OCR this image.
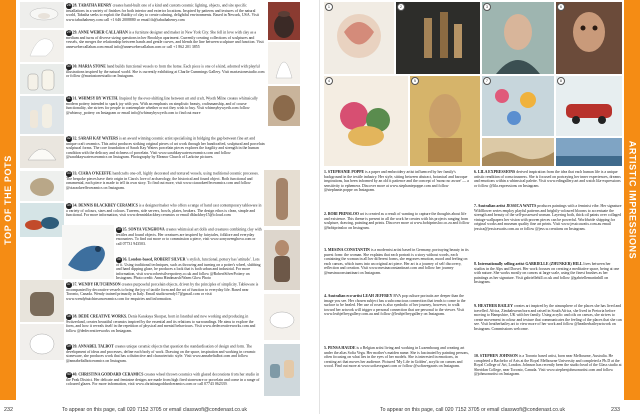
TOP OF THE POTS
28 28. TABATHA HENRY creates hand-built one of a kind and custom ceramic lighting, objects, and site specific installations in a variety of finishes for both interior and exterior locations. Inspired by patterns and textures of the natural world, Tabatha seeks to exploit the fluidity of clay to create calming, delightful environments. Based in Newark, USA. Visit www.tabathahenry.com call +1 646 2008880 or email tb@tabathahenry.com
29 29. ANNE WEBER CALLAHAN is a furniture designer and maker in New York City. She fell in love with clay as a medium and turns of diverse sizing questions in her Brooklyn apartment. Currently creating collections of sculptures and vessels, she merges the relationship between hands and gentle curves, and blends the line between sculpture and function. Visit annewebercallahan.com email info@annewebercallahan.com or call +1 862 201 3855
30 30. MARIA STONE hand builds functional vessels to from the home. Each piece is one of a kind, adorned with playful illustrations inspired by the natural world. She is currently exhibiting at Charlie Cummings Gallery. Visit mariastonestudio.com or follow @mariastonestudio on Instagram.
31 31. WHIMSY BY WYETH. Inspired by the ever-shifting line between art and craft, Wyeth Milne creates whimsically modern pottery intended to spark joy with you. With an emphasis on simplistic beauty, craftsmanship, and of course functionality, she strives for people to contemplate whether or not they wish to buy. Visit whimsybywyeth.com follow @whimsy_pottery on Instagram or email info@whimsybywyeth.com to find out more
32 32. SARAH KAY WATERS is an award winning ceramic artist specialising in bridging the gap between fine art and unique craft ceramics. This artist produces striking original pieces of art work through her handcrafted, sculptural and porcelain sculptural forms. The core foundation of Sarah Kay Waters porcelain pieces explores the fragility and strength in the human condition with the delicacy and richness of porcelain. Visit www.sarahkaywatersceramics.com and follow @sarahkaywatersceramics on Instagram. Photography by Eleanor Church of Larkrise pictures.
33 33. CIARA O'KEEFFE handcrafts one-off, highly decorated and textured vessels, using traditional ceramic processes. The bespoke pieces have their origin in Ciara's love of archaeology, the historical and found object. Both functional and ornamental, each piece is made to tell its own story. To find out more, visit www.ciaraokeeffeceramics.com and follow @ciaraokeeffeceramics on Instagram.
34 34. DENNIS BLACKBEY CERAMICS is a designer/maker who offers a range of hand cast contemporary tableware in a variety of colours, sizes and colours. Tureens, side servers, bowls, plates, beakers. The design ethos is clean, simple and functional. For more information, visit www.dennisblackbey.ceramics or email dblackbey15@icloud.com
35 35. SONYA VENGHOVA creates whimsical art dolls and creatures combining clay with textiles and found objects. Her creatures are inspired by fairytales, folklore and everyday encounters. To find out more or to commission a piece, visit www.sonyavenghova.com or call 07731 943503.
36 36. London-based, ROBERT SILVER 's stylish, functional, pottery has 'attitude'. Lots of it. Using traditional techniques, such as throwing and turning on a potter's wheel, slabbing and hand dipping glaze, he produces a look that is both urban and industrial. For more information, visit www.robertsilverpottery.co.uk and follow @RobertSilverPottery on Instagram. Photo credit: Anna Hindmarsh/Warm Glow Photo
37 37. WENDY HUTCHINSON creates purposeful porcelain objects, driven by the principles of simplicity. Tableware is accompanied by decorative vessels to bring the joy of tactile form and the art of function to everyday life. Based near Toronto, Canada. Wendy trained primarily in Italy. Email studiowendy17@gmail.com or visit www.wendyhutchinsonceramics.com for enquiries and information.
38 38. DÉDÉ CREATIVE WORKS. Denis Karakaya Skorpat, born in Istanbul and now working and producing in Switzerland, creates beautiful ceramics inspired by the essential and its relations to surroundings. He aims to explore the form, and how it reveals itself in the repetition of physical and mental behaviours. Visit www.dedecreativeworks.com and follow @dedecreativeworks on Instagram.
39 39. ANNABEL TALBOT creates unique ceramic objects that question the standardisation of design and form. The development of ideas and processes, define each body of work. Drawing on the space, inspiration and working in ceramic stoneware, she produces work that has a distinctive and characteristic style. Visit www.annabeltalbot.com and follow @annabeltalbotceramics on Instagram.
40 40. CHRISTINA GODDARD CERAMICS creates wheel thrown ceramics with glazed decorations from her studio in the Peak District. Her delicate and feminine designs are made from high fired stoneware or porcelain and come in a range of coloured glazes. For more information, visit www.christinagoddardceramics.com or call 07743 062339.
232	To appear on this page, call 020 7152 3705 or email classwofi@condenast.co.uk
ARTISTIC IMPRESSIONS
1	2	3
4	5
6
7	8
1. STÉPHANIE POPPE is a paper and embroidery artist influenced by her family's background in the textile industry. Her style, sitting between abstract, botanical and baroque inspirations, has been informed by an old tt patience and the concept of 'mono no aware' — a sensitivity to ephemera. Discover more at www.stephaniepoppe.com and follow @stephanie.poppe on Instagram.
2. BOBI PRINSLOO art is created as a result of wanting to capture the thoughts about life and existence. This theme is present in all the work he creates with his projects ranging from sculpture, drawing, painting and prints. Discover more at www.bobiprinsloo.co.za and follow @bobiprinsloo on Instagram.
3. MESINA CONSTANTIN is a modernist artist based in Germany, portraying beauty in its purest form: the woman. She explains that each portrait is a story without words, each containing the woman in all her different forms, she engraves emotion, mood and feeling on each canvas, which turns into an original art piece. Her art is a journey of self discovery, reflection and creation. Visit www.mesinaconstantinart.com and follow her journey @mesinaconstantinart on Instagram.
4. Australian eco-artist LEAH JEFFREY BVA pop culture portraits are deeper than the image you see. Her chosen subject has a subconscious connection that tends to come to the surface to be healed. Her use of roses is also symbolic of her journey, however, to walk toward her artwork will trigger a personal connection that are personal to the viewer. Visit www.leahjeffreygallery.com.au and follow @leahjeffreygallery on Instagram.
5. PENSA HAUDE is a Belgian artist living and working in Luxembourg and creating art under the alias Sofia Vega. Her mother's maiden name. She is fascinated by painting persons, often focusing on what lies in the eyes of her models. She is interested in emotions, in creating art that moves her audience. Pictured 'My Life in Golden', acrylic on canvas and wood. Find out more at www.sofiavegaart.com or follow @sofiavegaarts on Instagram.
6. LILA EXPRESSIONS derived inspiration from the idea that each human life is a unique artistic rendition of consciousness. She is focused on portraying her inner experiences, dreams and emotions within a whimsical palette. Visit www.edingallery.art and watch lila-expressions or follow @lila.expressions on Instagram.
7. Australian artist JESSICA WATTS produces paintings with a feminist vibe. Her signature Wildflower series employ playful patterns and brightly-coloured blooms to accentuate the strength and beauty of the self-possessed woman. Layering both, thick oil paints over collaged vintage wallpapers her vision with proven pieces can be powerful. Worldwide shipping for original works and museum quality fine art prints. Visit www.jessicawatts.com.au email jessica@jessicawatts.com.au or follow @jess.w.creations on Instagram.
8. Internationally selling artist GABRIELLE (ZHUNKER) HILL lives between her studios in the Alps and Dorset. Her work focuses on creating a meditative space, being at one with nature. She works mostly on canvas at large scale, using the finest brushes as her paintings as her signature. Visit gabriellehill.co.uk and follow @gabriellemartinhill on Instagram.
9. HEATHER BAILEY creates art inspired by the atmosphere of the places she has lived and travelled. Africa, Zimbabwean born and raised in South Africa, she lived in Pretoria before moving to Hampshire, UK with her family. Using acrylic and oils on canvas, she strives to create movement in colour and texture that communicates the feeling of the places that she can see. Visit heatherbailey.art to view more of her work and follow @heatherbaileyartwork on Instagram. Commissions welcome.
10. STEPHEN JOHNSON is a Toronto based artist, born near Melbourne, Australia. He completed a Bachelor of Arts at the Royal Melbourne University and completed a Ph.D at the Royal College of Art, London. Johnson has recently been the studio head of the Glass studio at Sheridan College, near Toronto, Canada. Visit www.stephenjohnsonartist.com and follow @johnsonartist on Instagram.
To appear on this page, call 020 7152 3705 or email classwofi@condenast.co.uk	233
